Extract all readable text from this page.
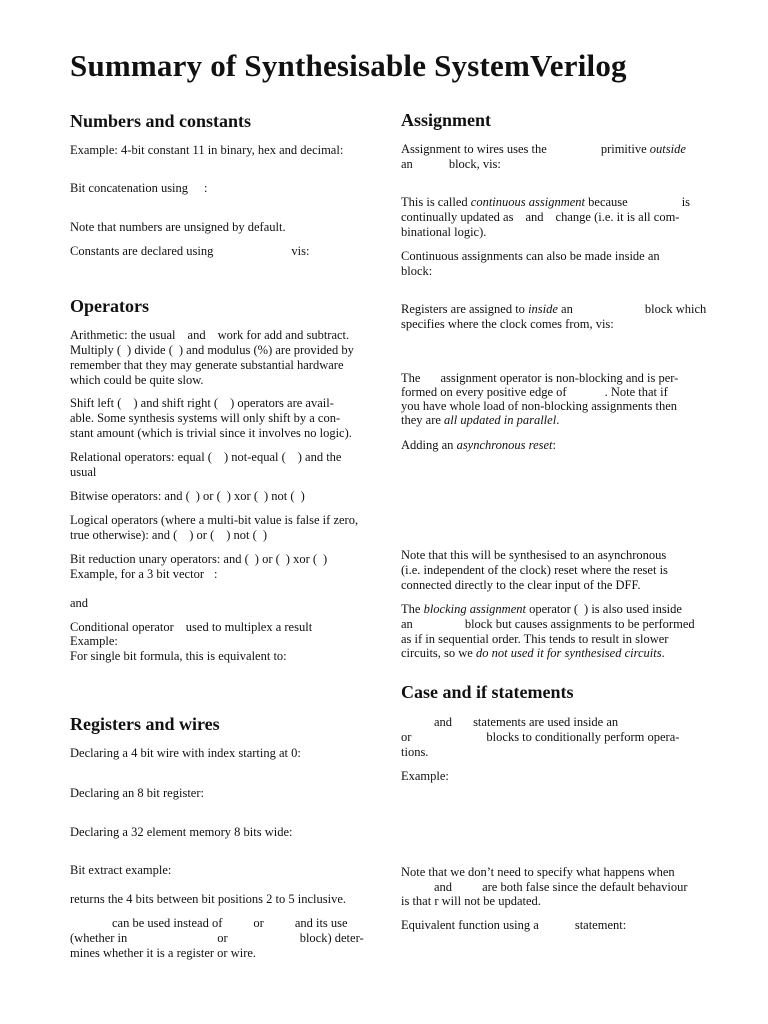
Summary of Synthesisable SystemVerilog
Numbers and constants

Example: 4-bit constant 11 in binary, hex and decimal:

Bit concatenation using :

Note that numbers are unsigned by default.

Constants are declared using	vis:

Operators

Arithmetic: the usual and work for add and subtract.

Multiply ( ) divide ( ) and modulus (%) are provided by

remember that they may generate substantial hardware

which could be quite slow.

Shift left ( ) and shift right ( ) operators are avail-

able. Some synthesis systems will only shift by a con-

stant amount (which is trivial since it involves no logic).

Relational operators: equal ( ) not-equal ( ) and the

usual

Bitwise operators: and ( ) or ( ) xor ( ) not ( )

Logical operators (where a multi-bit value is false if zero,

true otherwise): and ( ) or ( ) not ( )

Bit reduction unary operators: and ( ) or ( ) xor ( )

Example, for a 3 bit vector :

and

Conditional operator used to multiplex a result

Example:

For single bit formula, this is equivalent to:

Registers and wires

Declaring a 4 bit wire with index starting at 0:

Declaring an 8 bit register:

Declaring a 32 element memory 8 bits wide:

Bit extract example:

returns the 4 bits between bit positions 2 to 5 inclusive.

can be used instead of or and its use

(whether in	or	block) deter-

mines whether it is a register or wire.

Assignment

Assignment to wires uses the	primitive outside

an	block, vis:

This is called continuous assignment because	is

continually updated as and change (i.e. it is all com-

binational logic).

Continuous assignments can also be made inside an

block:

Registers are assigned to inside an	block which

specifies where the clock comes from, vis:

The assignment operator is non-blocking and is per-

formed on every positive edge of	. Note that if

you have whole load of non-blocking assignments then

they are all updated in parallel.

Adding an asynchronous reset:

Note that this will be synthesised to an asynchronous

(i.e. independent of the clock) reset where the reset is

connected directly to the clear input of the DFF.

The blocking assignment operator ( ) is also used inside

an	block but causes assignments to be performed

as if in sequential order. This tends to result in slower

circuits, so we do not used it for synthesised circuits.

Case and if statements

and statements are used inside an

or	blocks to conditionally perform opera-

tions.

Example:

Note that we don’t need to specify what happens when

and are both false since the default behaviour

is that r will not be updated.

Equivalent function using a	statement:
